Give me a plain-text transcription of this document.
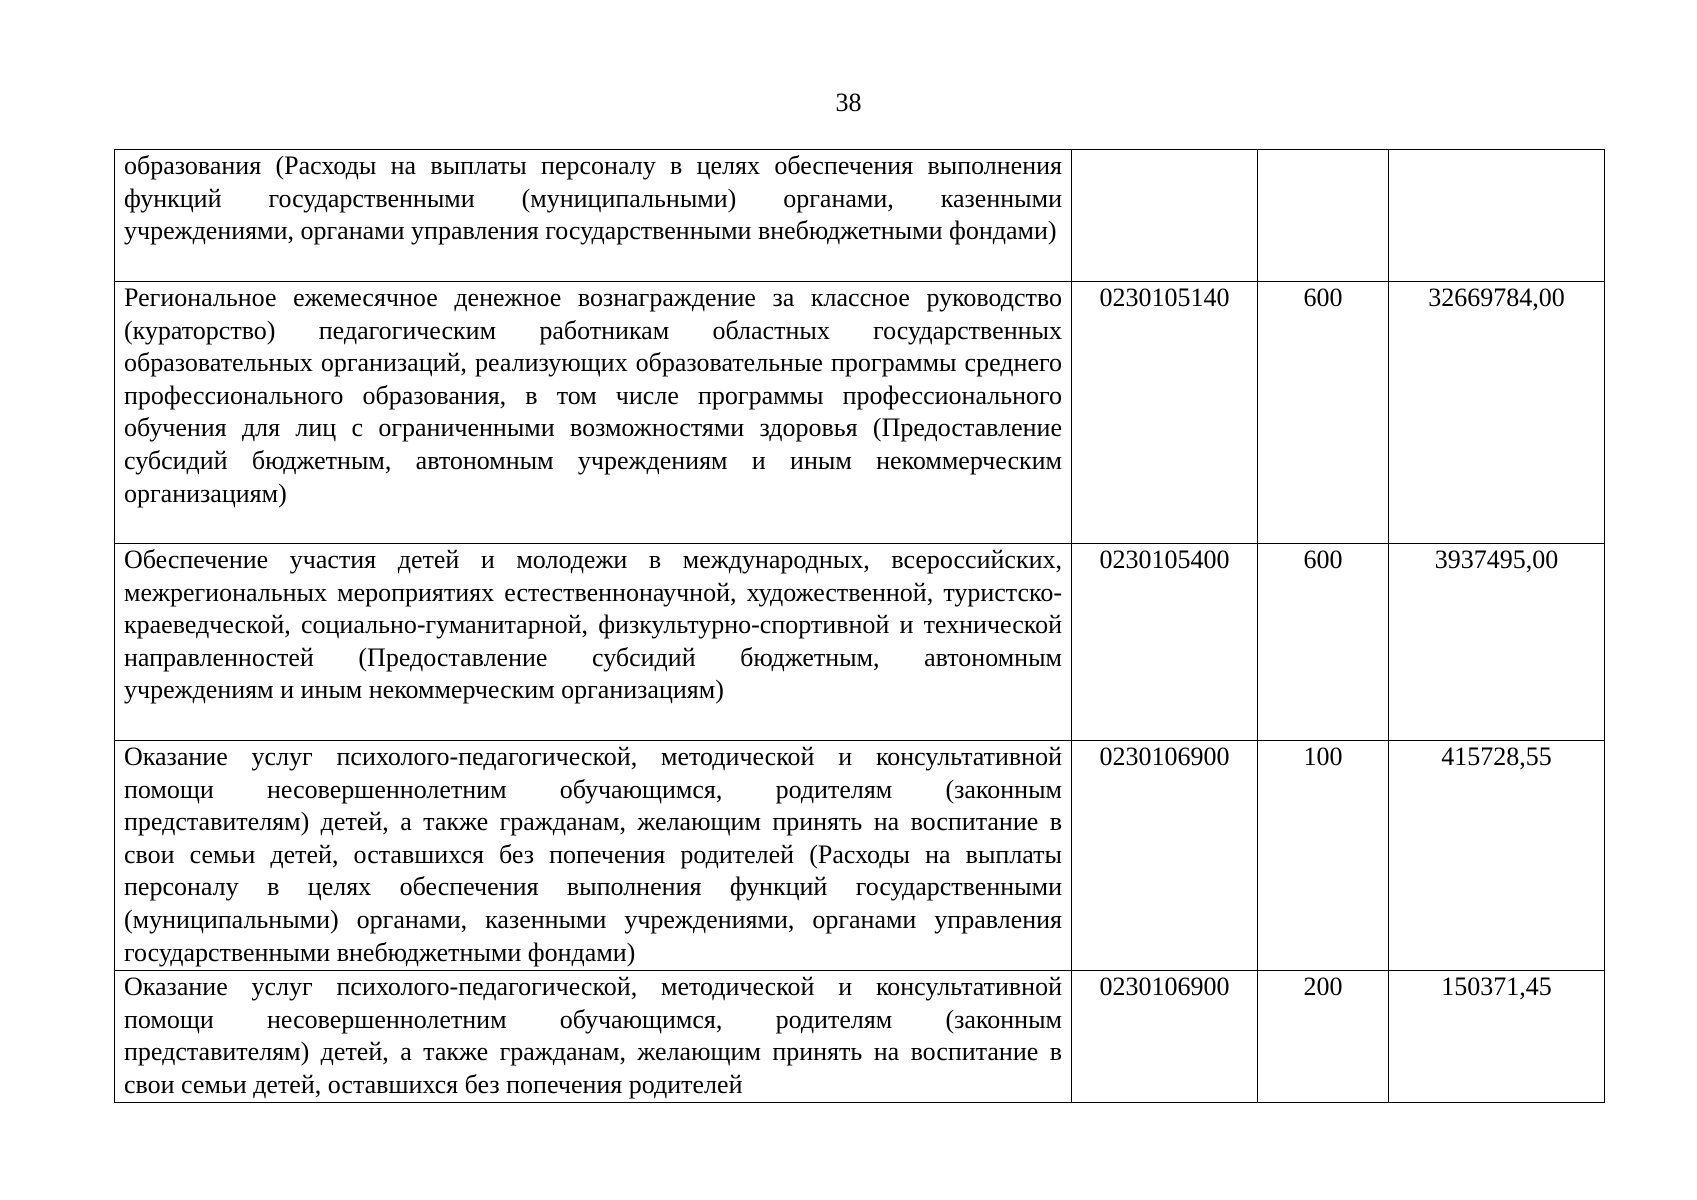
38
образования (Расходы на выплаты персоналу в целях обеспечения выполнения функций государственными (муниципальными) органами, казенными учреждениями, органами управления государственными внебюджетными фондами)			
Региональное ежемесячное денежное вознаграждение за классное руководство (кураторство) педагогическим работникам областных государственных образовательных организаций, реализующих образовательные программы среднего профессионального образования, в том числе программы профессионального обучения для лиц с ограниченными возможностями здоровья (Предоставление субсидий бюджетным, автономным учреждениям и иным некоммерческим организациям)	0230105140	600	32669784,00
Обеспечение участия детей и молодежи в международных, всероссийских, межрегиональных мероприятиях естественнонаучной, художественной, туристско-краеведческой, социально-гуманитарной, физкультурно-спортивной и технической направленностей (Предоставление субсидий бюджетным, автономным учреждениям и иным некоммерческим организациям)	0230105400	600	3937495,00
Оказание услуг психолого-педагогической, методической и консультативной помощи несовершеннолетним обучающимся, родителям (законным представителям) детей, а также гражданам, желающим принять на воспитание в свои семьи детей, оставшихся без попечения родителей (Расходы на выплаты персоналу в целях обеспечения выполнения функций государственными (муниципальными) органами, казенными учреждениями, органами управления государственными внебюджетными фондами)	0230106900	100	415728,55

Оказание услуг психолого-педагогической, методической и консультативной помощи несовершеннолетним обучающимся, родителям (законным представителям) детей, а также гражданам, желающим принять на воспитание в свои семьи детей, оставшихся без попечения родителей	0230106900	200	150371,45
